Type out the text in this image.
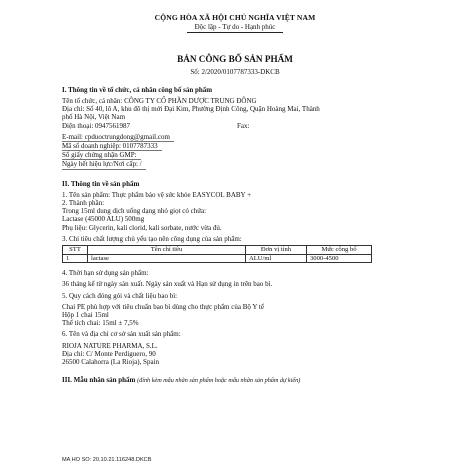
CỘNG HÒA XÃ HỘI CHỦ NGHĨA VIỆT NAM
Độc lập - Tự do - Hạnh phúc
BẢN CÔNG BỐ SẢN PHẨM
Số: 2/2020/0107787333-DKCB
I. Thông tin về tổ chức, cá nhân công bố sản phẩm
Tên tổ chức, cá nhân: CÔNG TY CỔ PHẦN DƯỢC TRUNG ĐÔNG
Địa chỉ: Số 40, lô A, khu đô thị mới Đại Kim, Phường Định Công, Quận Hoàng Mai, Thành
phố Hà Nội, Việt Nam
Điện thoại: 0947561987	Fax:
E-mail: cpduoctrungdong@gmail.com
Mã số doanh nghiệp: 0107787333
Số giấy chứng nhận GMP:
Ngày hết hiệu lực/Nơi cấp: /
II. Thông tin về sản phẩm
1. Tên sản phẩm: Thực phẩm bảo vệ sức khỏe EASYCOL BABY +
2. Thành phần:
Trong 15ml dung dịch uống dạng nhỏ giọt có chứa:
Lactase (45000 ALU) 500mg
Phụ liệu: Glycerin, kali clorid, kali sorbate, nước vừa đủ.
3. Chỉ tiêu chất lượng chủ yếu tạo nên công dụng của sản phẩm:
STT	Tên chỉ tiêu	Đơn vị tính	Mức công bố
1	lactase	ALU/ml	3000-4500
4. Thời hạn sử dụng sản phẩm:
36 tháng kể từ ngày sản xuất. Ngày sản xuất và Hạn sử dụng in trên bao bì.
5. Quy cách đóng gói và chất liệu bao bì:
Chai PE phù hợp với tiêu chuẩn bao bì dùng cho thực phẩm của Bộ Y tế
Hộp 1 chai 15ml
Thể tích chai: 15ml ± 7,5%
6. Tên và địa chỉ cơ sở sản xuất sản phẩm:
RIOJA NATURE PHARMA, S.L.
Địa chỉ: C/ Monte Perdiguero, 90
26500 Calahorra (La Rioja), Spain
III. Mẫu nhãn sản phẩm (đính kèm mẫu nhãn sản phẩm hoặc mẫu nhãn sản phẩm dự kiến)
MA HO SO: 20.10.21.116248.DKCB
